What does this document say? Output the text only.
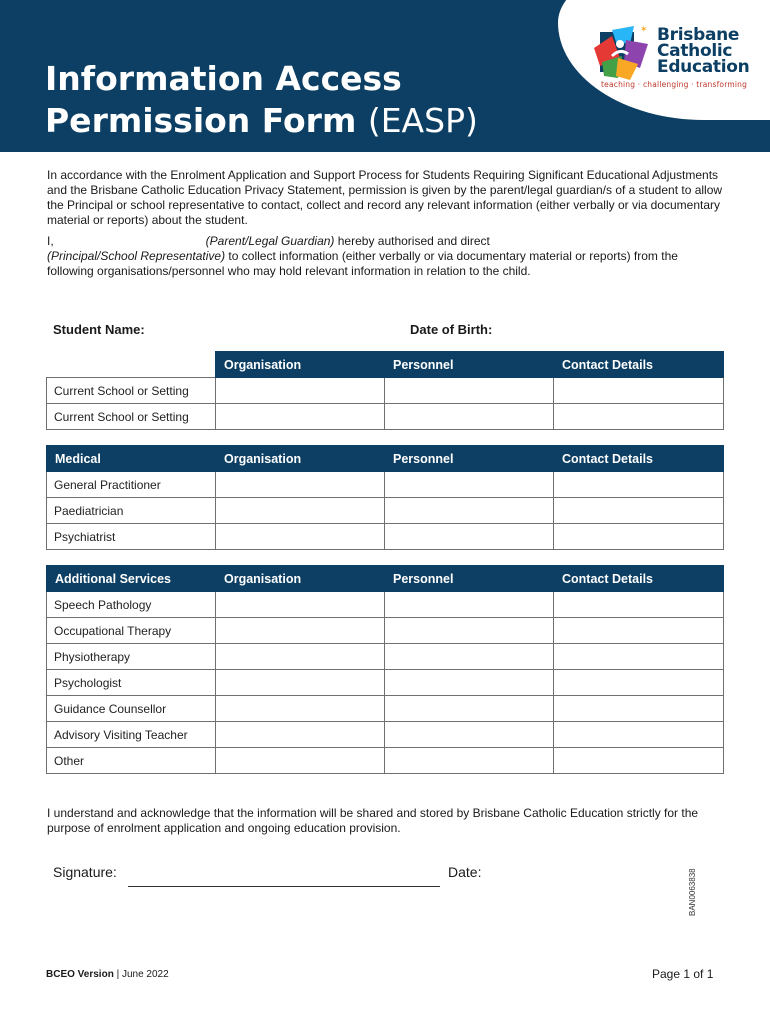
✶ Brisbane
Catholic
Education
teaching · challenging · transforming
Information Access
Permission Form (EASP)

In accordance with the Enrolment Application and Support Process for Students Requiring Significant Educational Adjustments and the Brisbane Catholic Education Privacy Statement, permission is given by the parent/legal guardian/s of a student to allow the Principal or school representative to contact, collect and record any relevant information (either verbally or via documentary material or reports) about the student.

I,	(Parent/Legal Guardian) hereby authorised and direct
(Principal/School Representative) to collect information (either verbally or via documentary material or reports) from the following organisations/personnel who may hold relevant information in relation to the child.

Student Name:	Date of Birth:
	Organisation	Personnel	Contact Details
Current School or Setting			
Current School or Setting			
Medical	Organisation	Personnel	Contact Details
General Practitioner			
Paediatrician			
Psychiatrist			
Additional Services	Organisation	Personnel	Contact Details
Speech Pathology			
Occupational Therapy			
Physiotherapy			
Psychologist			
Guidance Counsellor			
Advisory Visiting Teacher			
Other			
I understand and acknowledge that the information will be shared and stored by Brisbane Catholic Education strictly for the purpose of enrolment application and ongoing education provision.
Signature:	Date:	BAN0063838
BCEO Version | June 2022	Page 1 of 1
